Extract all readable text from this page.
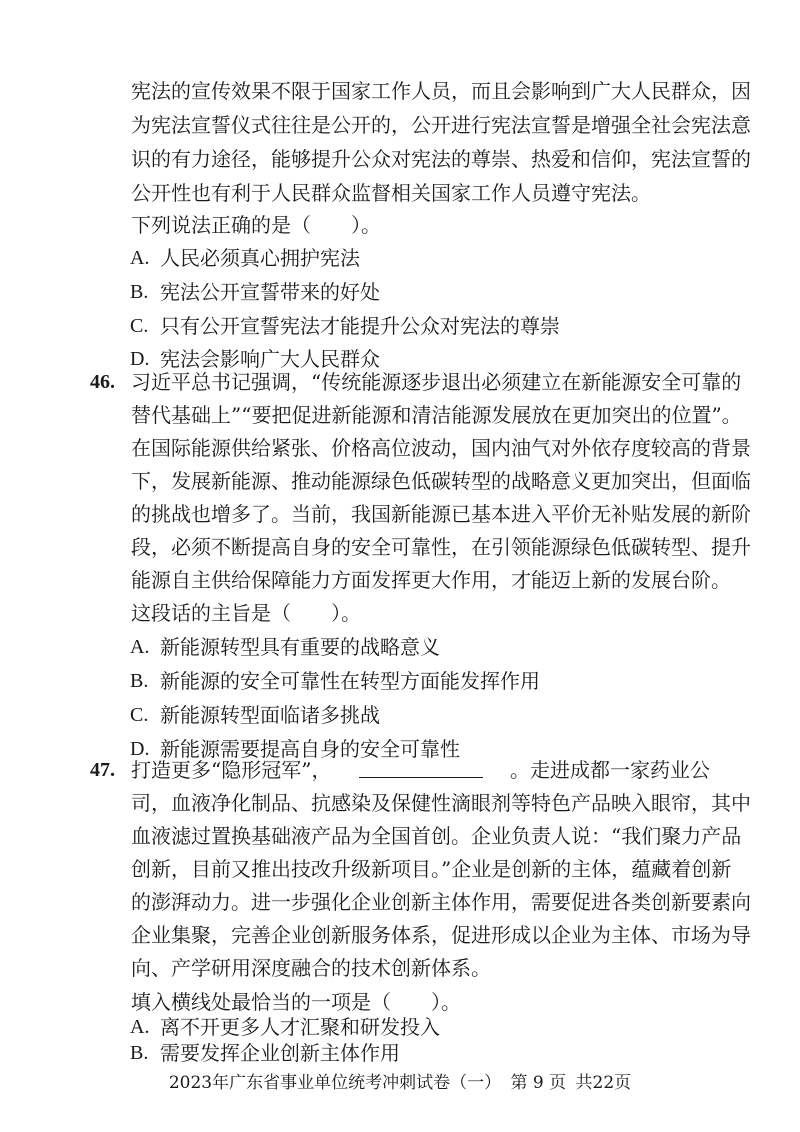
宪法的宣传效果不限于国家工作人员，而且会影响到广大人民群众，因
为宪法宣誓仪式往往是公开的，公开进行宪法宣誓是增强全社会宪法意
识的有力途径，能够提升公众对宪法的尊崇、热爱和信仰，宪法宣誓的
公开性也有利于人民群众监督相关国家工作人员遵守宪法。
下列说法正确的是（　　）。
A. 人民必须真心拥护宪法
B. 宪法公开宣誓带来的好处
C. 只有公开宣誓宪法才能提升公众对宪法的尊崇
D. 宪法会影响广大人民群众
46. 习近平总书记强调，“传统能源逐步退出必须建立在新能源安全可靠的
替代基础上”“要把促进新能源和清洁能源发展放在更加突出的位置”。
在国际能源供给紧张、价格高位波动，国内油气对外依存度较高的背景
下，发展新能源、推动能源绿色低碳转型的战略意义更加突出，但面临
的挑战也增多了。当前，我国新能源已基本进入平价无补贴发展的新阶
段，必须不断提高自身的安全可靠性，在引领能源绿色低碳转型、提升
能源自主供给保障能力方面发挥更大作用，才能迈上新的发展台阶。
这段话的主旨是（　　）。
A. 新能源转型具有重要的战略意义
B. 新能源的安全可靠性在转型方面能发挥作用
C. 新能源转型面临诸多挑战
D. 新能源需要提高自身的安全可靠性
47. 打造更多“隐形冠军”，	。走进成都一家药业公
司，血液净化制品、抗感染及保健性滴眼剂等特色产品映入眼帘，其中
血液滤过置换基础液产品为全国首创。企业负责人说：“我们聚力产品
创新，目前又推出技改升级新项目。”企业是创新的主体，蕴藏着创新
的澎湃动力。进一步强化企业创新主体作用，需要促进各类创新要素向
企业集聚，完善企业创新服务体系，促进形成以企业为主体、市场为导
向、产学研用深度融合的技术创新体系。
填入横线处最恰当的一项是（　　）。
A. 离不开更多人才汇聚和研发投入
2023年广东省事业单位统考冲刺试卷（一） 第 9 页 共22页
B. 需要发挥企业创新主体作用
